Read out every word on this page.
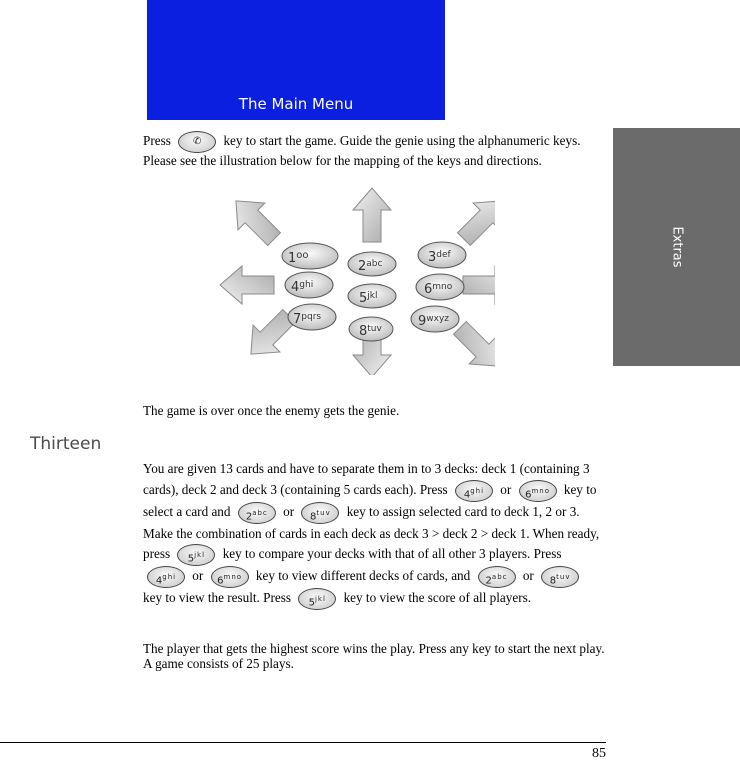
The Main Menu
Extras

Press ✆ key to start the game. Guide the genie using the alphanumeric keys. Please see the illustration below for the mapping of the keys and directions.

$1^{oo}$
$2^{abc}$	$3^{def}$
$4^{ghi}$
$5^{jkl}$	$6^{mno}$
$7^{pqrs}$
$8^{tuv}$	$9^{wxyz}$

The game is over once the enemy gets the genie.

Thirteen

You are given 13 cards and have to separate them in to 3 decks: deck 1 (containing 3 cards), deck 2 and deck 3 (containing 5 cards each). Press $4^{ghi}$ or $6^{mno}$ key to select a card and $2^{abc}$ or $8^{tuv}$ key to assign selected card to deck 1, 2 or 3. Make the combination of cards in each deck as deck 3 > deck 2 > deck 1. When ready, press $5^{jkl}$ key to compare your decks with that of all other 3 players. Press $4^{ghi}$ or $6^{mno}$ key to view different decks of cards, and $2^{abc}$ or $8^{tuv}$ key to view the result. Press $5^{jkl}$ key to view the score of all players.

The player that gets the highest score wins the play. Press any key to start the next play. A game consists of 25 plays.

85
